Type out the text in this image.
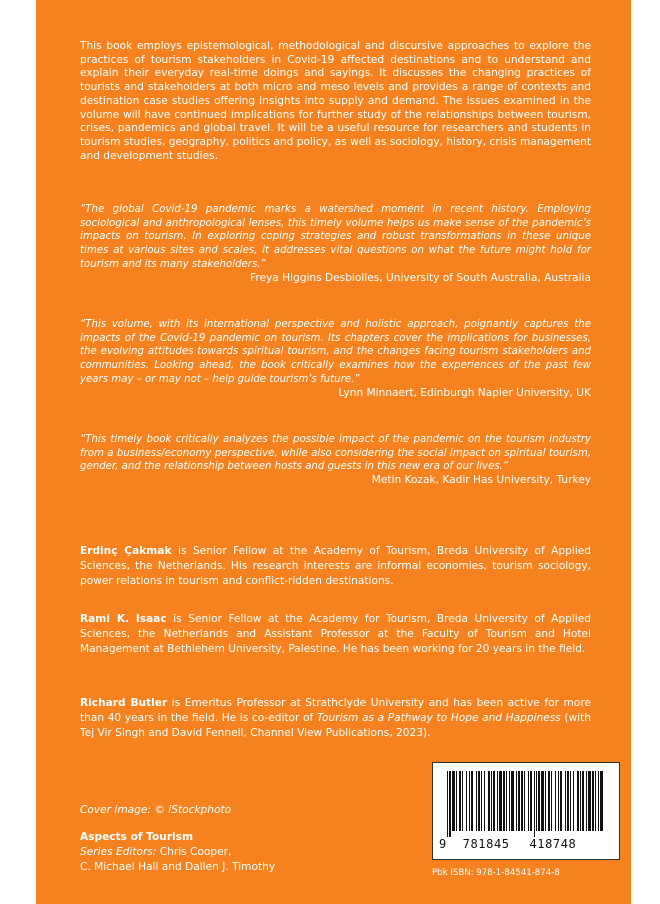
This book employs epistemological, methodological and discursive approaches to explore the practices of tourism stakeholders in Covid-19 affected destinations and to understand and explain their everyday real-time doings and sayings. It discusses the changing practices of tourists and stakeholders at both micro and meso levels and provides a range of contexts and destination case studies offering insights into supply and demand. The issues examined in the volume will have continued implications for further study of the relationships between tourism, crises, pandemics and global travel. It will be a useful resource for researchers and students in tourism studies, geography, politics and policy, as well as sociology, history, crisis management and development studies.

“The global Covid-19 pandemic marks a watershed moment in recent history. Employing sociological and anthropological lenses, this timely volume helps us make sense of the pandemic’s impacts on tourism. In exploring coping strategies and robust transformations in these unique times at various sites and scales, it addresses vital questions on what the future might hold for tourism and its many stakeholders.”

Freya Higgins Desbiolles, University of South Australia, Australia

“This volume, with its international perspective and holistic approach, poignantly captures the impacts of the Covid-19 pandemic on tourism. Its chapters cover the implications for businesses, the evolving attitudes towards spiritual tourism, and the changes facing tourism stakeholders and communities. Looking ahead, the book critically examines how the experiences of the past few years may – or may not – help guide tourism’s future.”

Lynn Minnaert, Edinburgh Napier University, UK

“This timely book critically analyzes the possible impact of the pandemic on the tourism industry from a business/economy perspective, while also considering the social impact on spiritual tourism, gender, and the relationship between hosts and guests in this new era of our lives.”

Metin Kozak, Kadir Has University, Turkey

Erdinç Çakmak is Senior Fellow at the Academy of Tourism, Breda University of Applied Sciences, the Netherlands. His research interests are informal economies, tourism sociology, power relations in tourism and conflict-ridden destinations.

Rami K. Isaac is Senior Fellow at the Academy for Tourism, Breda University of Applied Sciences, the Netherlands and Assistant Professor at the Faculty of Tourism and Hotel Management at Bethlehem University, Palestine. He has been working for 20 years in the field.

Richard Butler is Emeritus Professor at Strathclyde University and has been active for more than 40 years in the field. He is co-editor of Tourism as a Pathway to Hope and Happiness (with Tej Vir Singh and David Fennell, Channel View Publications, 2023).

Cover image: © iStockphoto
Aspects of Tourism
Series Editors: Chris Cooper,
C. Michael Hall and Dallen J. Timothy
9 781845 418748
Pbk ISBN: 978-1-84541-874-8
